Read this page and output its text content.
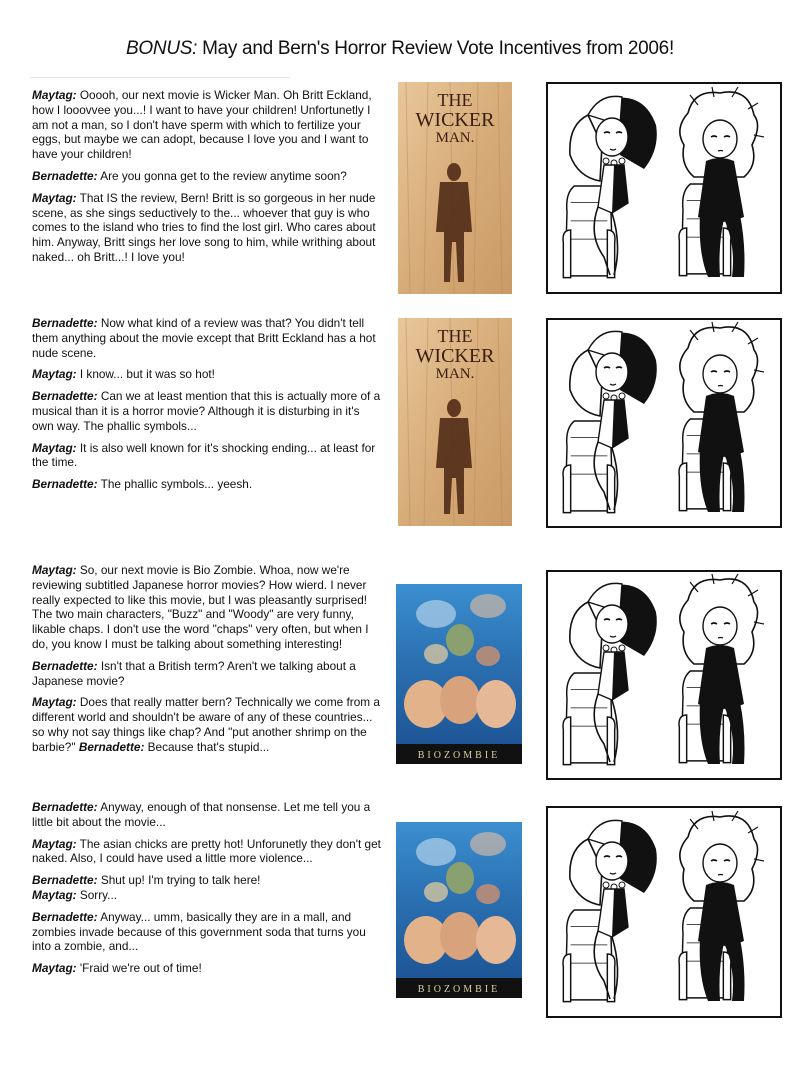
BONUS: May and Bern's Horror Review Vote Incentives from 2006!

Maytag: Ooooh, our next movie is Wicker Man. Oh Britt Eckland, how I looovvee you...! I want to have your children! Unfortunetly I am not a man, so I don't have sperm with which to fertilize your eggs, but maybe we can adopt, because I love you and I want to have your children!

Bernadette: Are you gonna get to the review anytime soon?

Maytag: That IS the review, Bern! Britt is so gorgeous in her nude scene, as she sings seductively to the... whoever that guy is who comes to the island who tries to find the lost girl. Who cares about him. Anyway, Britt sings her love song to him, while writhing about naked... oh Britt...! I love you!

Bernadette: Now what kind of a review was that? You didn't tell them anything about the movie except that Britt Eckland has a hot nude scene.

Maytag: I know... but it was so hot!

Bernadette: Can we at least mention that this is actually more of a musical than it is a horror movie? Although it is disturbing in it's own way. The phallic symbols...

Maytag: It is also well known for it's shocking ending... at least for the time.

Bernadette: The phallic symbols... yeesh.

Maytag: So, our next movie is Bio Zombie. Whoa, now we're reviewing subtitled Japanese horror movies? How wierd. I never really expected to like this movie, but I was pleasantly surprised! The two main characters, "Buzz" and "Woody" are very funny, likable chaps. I don't use the word "chaps" very often, but when I do, you know I must be talking about something interesting!

Bernadette: Isn't that a British term? Aren't we talking about a Japanese movie?

Maytag: Does that really matter bern? Technically we come from a different world and shouldn't be aware of any of these countries... so why not say things like chap? And "put another shrimp on the barbie?" Bernadette: Because that's stupid...

Bernadette: Anyway, enough of that nonsense. Let me tell you a little bit about the movie...

Maytag: The asian chicks are pretty hot! Unforunetly they don't get naked. Also, I could have used a little more violence...

Bernadette: Shut up! I'm trying to talk here!

Maytag: Sorry...

Bernadette: Anyway... umm, basically they are in a mall, and zombies invade because of this government soda that turns you into a zombie, and...

Maytag: 'Fraid we're out of time!

THE
WICKER
MAN.
THE
WICKER
MAN.
BIOZOMBIE
BIOZOMBIE
